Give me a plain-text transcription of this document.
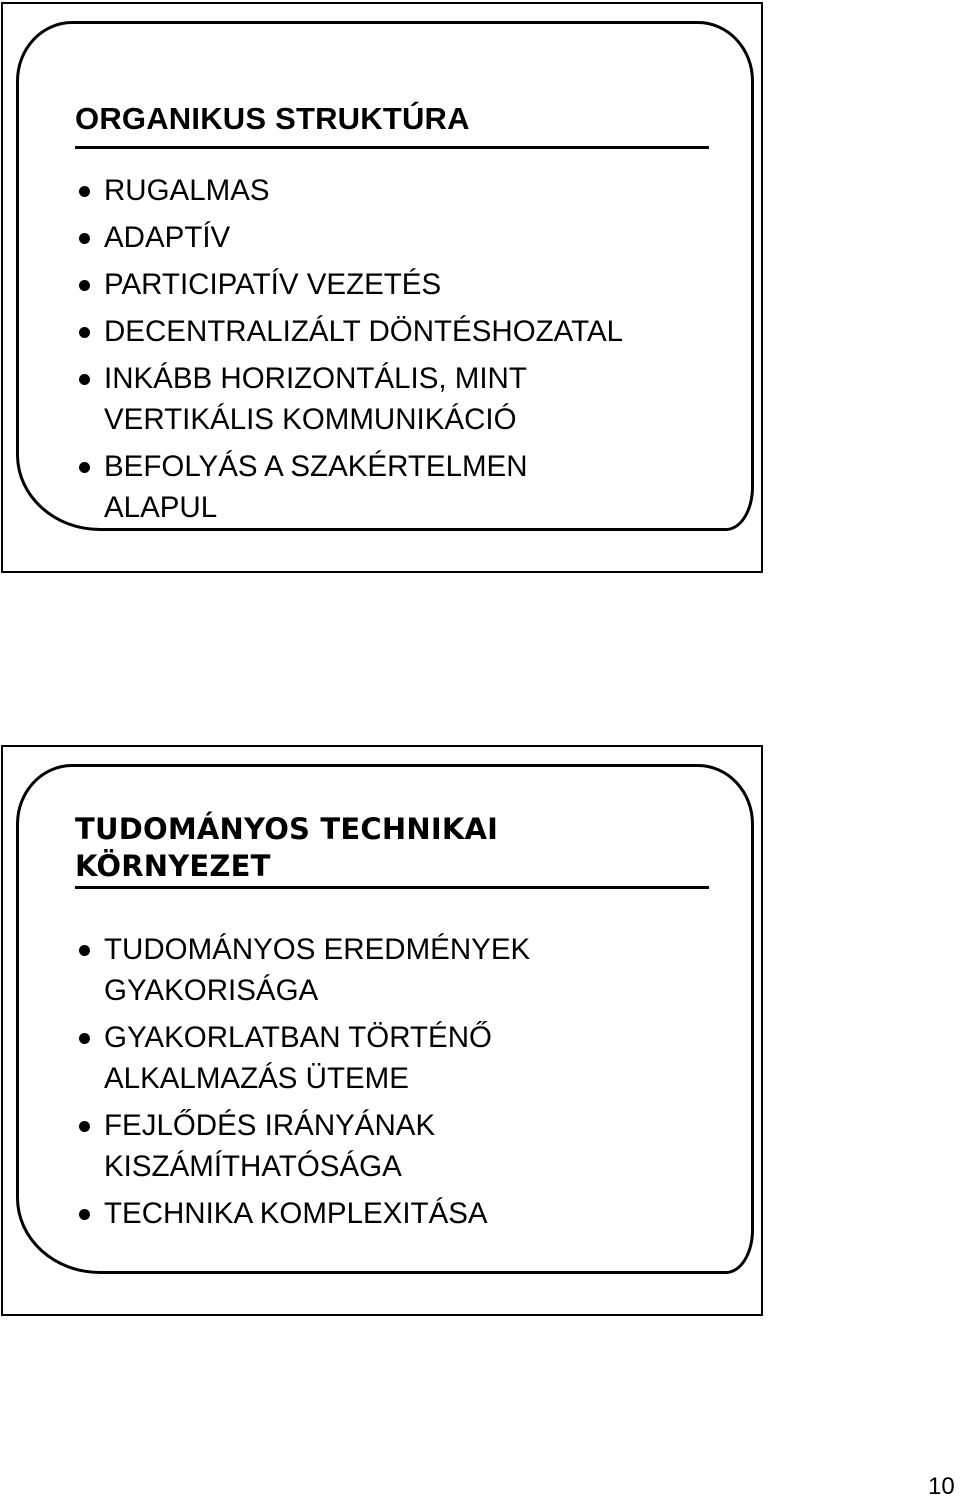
ORGANIKUS STRUKTÚRA
RUGALMAS
ADAPTÍV
PARTICIPATÍV VEZETÉS
DECENTRALIZÁLT DÖNTÉSHOZATAL
INKÁBB HORIZONTÁLIS, MINT
VERTIKÁLIS KOMMUNIKÁCIÓ
BEFOLYÁS A SZAKÉRTELMEN
ALAPUL
TUDOMÁNYOS TECHNIKAI
KÖRNYEZET
TUDOMÁNYOS EREDMÉNYEK
GYAKORISÁGA
GYAKORLATBAN TÖRTÉNŐ
ALKALMAZÁS ÜTEME
FEJLŐDÉS IRÁNYÁNAK
KISZÁMÍTHATÓSÁGA
TECHNIKA KOMPLEXITÁSA
10
